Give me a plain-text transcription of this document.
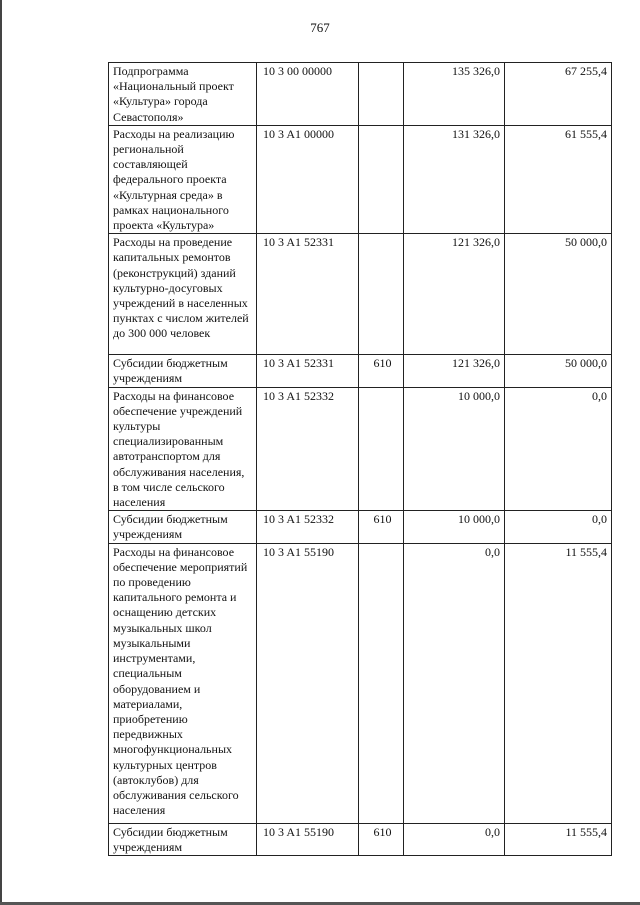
767
Подпрограмма «Национальный проект «Культура» города Севастополя»	10 3 00 00000		135 326,0	67 255,4
Расходы на реализацию региональной составляющей федерального проекта «Культурная среда» в рамках национального проекта «Культура»	10 3 A1 00000		131 326,0	61 555,4
Расходы на проведение капитальных ремонтов (реконструкций) зданий культурно-досуговых учреждений в населенных пунктах с числом жителей до 300 000 человек	10 3 A1 52331		121 326,0	50 000,0
Субсидии бюджетным учреждениям	10 3 A1 52331	610	121 326,0	50 000,0
Расходы на финансовое обеспечение учреждений культуры специализированным автотранспортом для обслуживания населения, в том числе сельского населения	10 3 A1 52332		10 000,0	0,0
Субсидии бюджетным учреждениям	10 3 A1 52332	610	10 000,0	0,0
Расходы на финансовое обеспечение мероприятий по проведению капитального ремонта и оснащению детских музыкальных школ музыкальными инструментами, специальным оборудованием и материалами, приобретению передвижных многофункциональных культурных центров (автоклубов) для обслуживания сельского населения	10 3 A1 55190		0,0	11 555,4
Субсидии бюджетным учреждениям	10 3 A1 55190	610	0,0	11 555,4
